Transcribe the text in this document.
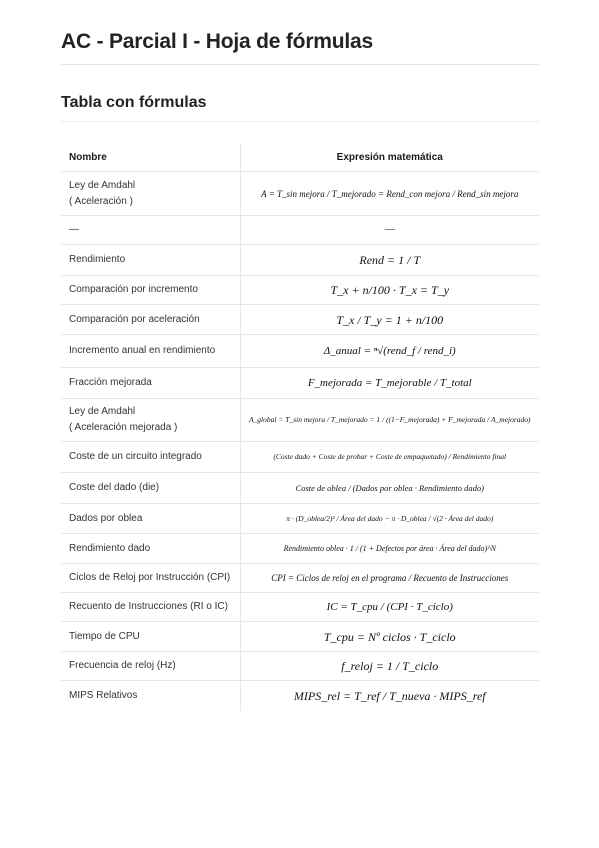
AC - Parcial I - Hoja de fórmulas
Tabla con fórmulas
Nombre	Expresión matemática
Ley de Amdahl
( Aceleración )	A = T_sin mejora / T_mejorado = Rend_con mejora / Rend_sin mejora
—	—
Rendimiento	Rend = 1 / T
Comparación por incremento	T_x + n/100 · T_x = T_y
Comparación por aceleración	T_x / T_y = 1 + n/100
Incremento anual en rendimiento	Δ_anual = ⁿ√(rend_f / rend_i)
Fracción mejorada	F_mejorada = T_mejorable / T_total
Ley de Amdahl
( Aceleración mejorada )	A_global = T_sin mejora / T_mejorado = 1 / ((1−F_mejorada) + F_mejorada / A_mejorado)
Coste de un circuito integrado	(Coste dado + Coste de probar + Coste de empaquetado) / Rendimiento final
Coste del dado (die)	Coste de oblea / (Dados por oblea · Rendimiento dado)
Dados por oblea	π · (D_oblea/2)² / Área del dado − π · D_oblea / √(2 · Área del dado)
Rendimiento dado	Rendimiento oblea · 1 / (1 + Defectos por área · Área del dado)^N
Ciclos de Reloj por Instrucción (CPI)	CPI = Ciclos de reloj en el programa / Recuento de Instrucciones
Recuento de Instrucciones (RI o IC)	IC = T_cpu / (CPI · T_ciclo)
Tiempo de CPU	T_cpu = Nº ciclos · T_ciclo
Frecuencia de reloj (Hz)	f_reloj = 1 / T_ciclo
MIPS Relativos	MIPS_rel = T_ref / T_nueva · MIPS_ref
